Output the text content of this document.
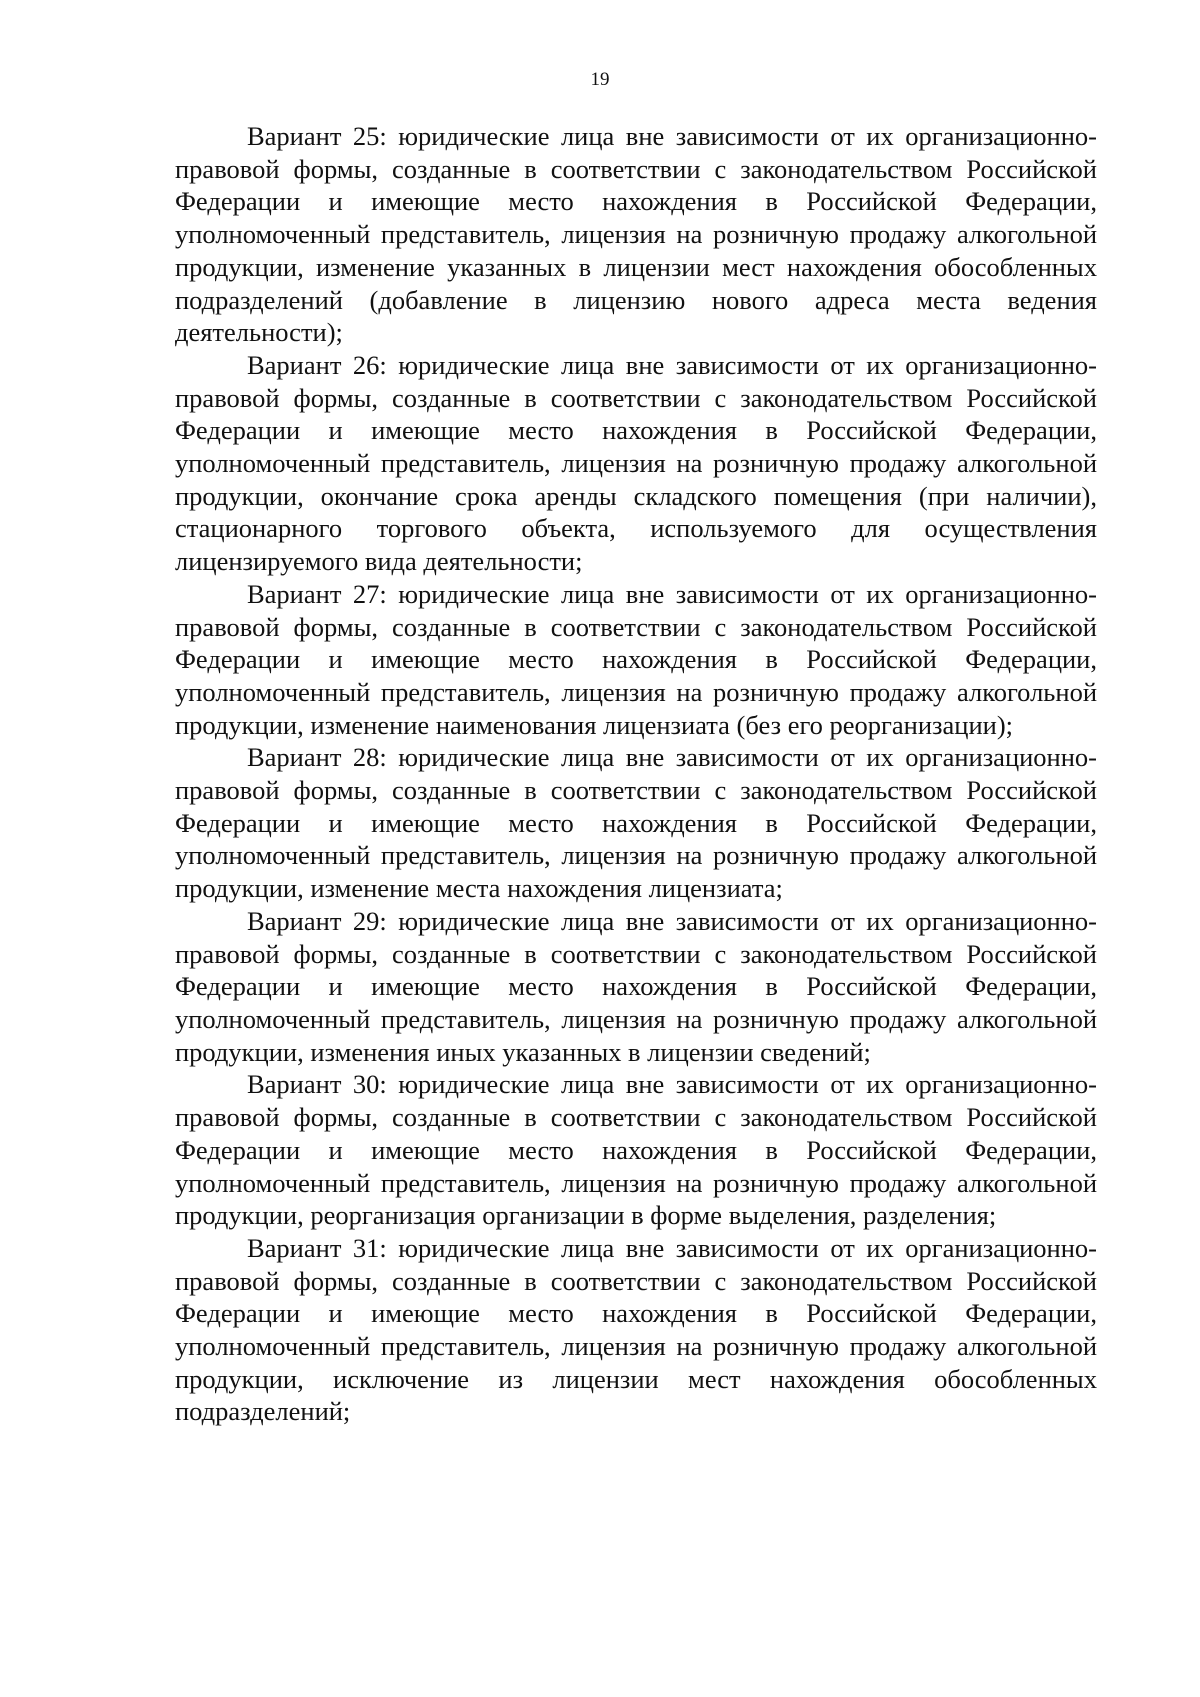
19

Вариант 25: юридические лица вне зависимости от их организационно-правовой формы, созданные в соответствии с законодательством Российской Федерации и имеющие место нахождения в Российской Федерации, уполномоченный представитель, лицензия на розничную продажу алкогольной продукции, изменение указанных в лицензии мест нахождения обособленных подразделений (добавление в лицензию нового адреса места ведения деятельности);

Вариант 26: юридические лица вне зависимости от их организационно-правовой формы, созданные в соответствии с законодательством Российской Федерации и имеющие место нахождения в Российской Федерации, уполномоченный представитель, лицензия на розничную продажу алкогольной продукции, окончание срока аренды складского помещения (при наличии), стационарного торгового объекта, используемого для осуществления лицензируемого вида деятельности;

Вариант 27: юридические лица вне зависимости от их организационно-правовой формы, созданные в соответствии с законодательством Российской Федерации и имеющие место нахождения в Российской Федерации, уполномоченный представитель, лицензия на розничную продажу алкогольной продукции, изменение наименования лицензиата (без его реорганизации);

Вариант 28: юридические лица вне зависимости от их организационно-правовой формы, созданные в соответствии с законодательством Российской Федерации и имеющие место нахождения в Российской Федерации, уполномоченный представитель, лицензия на розничную продажу алкогольной продукции, изменение места нахождения лицензиата;

Вариант 29: юридические лица вне зависимости от их организационно-правовой формы, созданные в соответствии с законодательством Российской Федерации и имеющие место нахождения в Российской Федерации, уполномоченный представитель, лицензия на розничную продажу алкогольной продукции, изменения иных указанных в лицензии сведений;

Вариант 30: юридические лица вне зависимости от их организационно-правовой формы, созданные в соответствии с законодательством Российской Федерации и имеющие место нахождения в Российской Федерации, уполномоченный представитель, лицензия на розничную продажу алкогольной продукции, реорганизация организации в форме выделения, разделения;

Вариант 31: юридические лица вне зависимости от их организационно-правовой формы, созданные в соответствии с законодательством Российской Федерации и имеющие место нахождения в Российской Федерации, уполномоченный представитель, лицензия на розничную продажу алкогольной продукции, исключение из лицензии мест нахождения обособленных подразделений;
